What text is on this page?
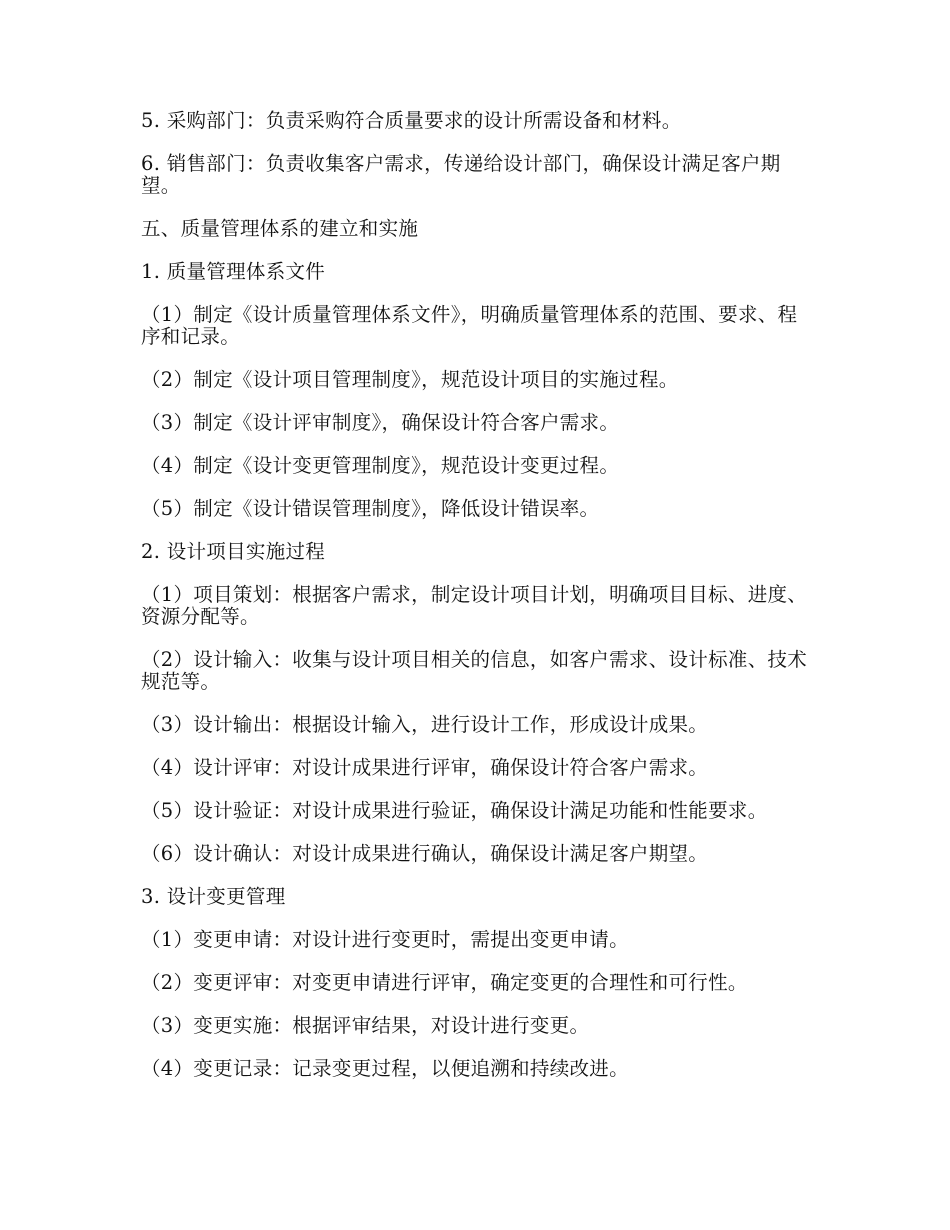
5. 采购部门：负责采购符合质量要求的设计所需设备和材料。

6. 销售部门：负责收集客户需求，传递给设计部门，确保设计满足客户期望。

五、质量管理体系的建立和实施

1. 质量管理体系文件

（1）制定《设计质量管理体系文件》，明确质量管理体系的范围、要求、程序和记录。

（2）制定《设计项目管理制度》，规范设计项目的实施过程。

（3）制定《设计评审制度》，确保设计符合客户需求。

（4）制定《设计变更管理制度》，规范设计变更过程。

（5）制定《设计错误管理制度》，降低设计错误率。

2. 设计项目实施过程

（1）项目策划：根据客户需求，制定设计项目计划，明确项目目标、进度、资源分配等。

（2）设计输入：收集与设计项目相关的信息，如客户需求、设计标准、技术规范等。

（3）设计输出：根据设计输入，进行设计工作，形成设计成果。

（4）设计评审：对设计成果进行评审，确保设计符合客户需求。

（5）设计验证：对设计成果进行验证，确保设计满足功能和性能要求。

（6）设计确认：对设计成果进行确认，确保设计满足客户期望。

3. 设计变更管理

（1）变更申请：对设计进行变更时，需提出变更申请。

（2）变更评审：对变更申请进行评审，确定变更的合理性和可行性。

（3）变更实施：根据评审结果，对设计进行变更。

（4）变更记录：记录变更过程，以便追溯和持续改进。
